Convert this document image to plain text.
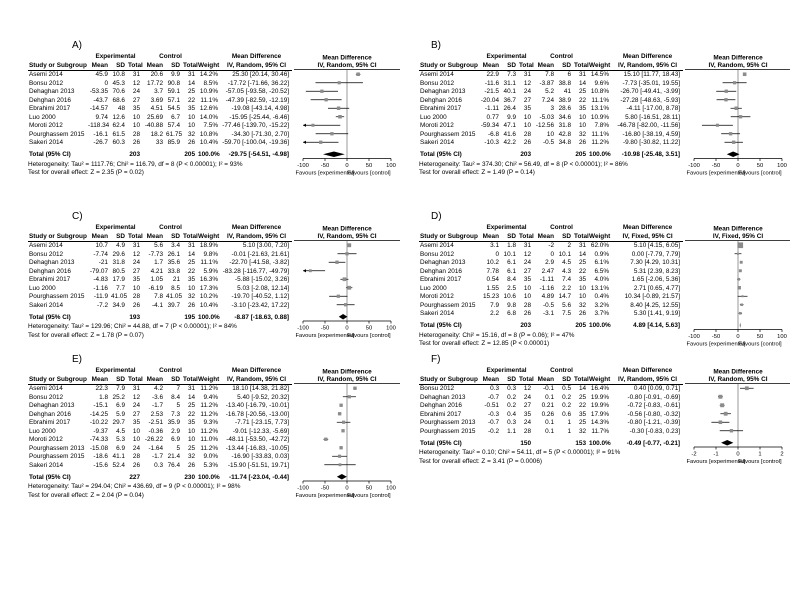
A)
	Experimental			Control				Mean Difference
Study or Subgroup	Mean	SD	Total	Mean	SD	Total	Weight	IV, Random, 95% CI
Asemi 2014	45.9	10.8	31	20.6	9.9	31	14.2%	25.30 [20.14, 30.46]
Bonsu 2012	0	45.3	12	17.72	90.8	14	8.5%	-17.72 [-71.66, 36.22]
Dehaghan 2013	-53.35	70.6	24	3.7	59.1	25	10.9%	-57.05 [-93.58, -20.52]
Dehghan 2016	-43.7	68.6	27	3.69	57.1	22	11.1%	-47.39 [-82.59, -12.19]
Ebrahimi 2017	-14.57	48	35	4.51	54.5	35	12.6%	-19.08 [-43.14, 4.98]
Luo 2000	9.74	12.6	10	25.69	6.7	10	14.0%	-15.95 [-25.44, -6.46]
Moroti 2012	-118.34	62.4	10	-40.88	57.4	10	7.5%	-77.46 [-139.70, -15.22]
Pourghassem 2015	-16.1	61.5	28	18.2	61.75	32	10.8%	-34.30 [-71.30, 2.70]
Sakeri 2014	-26.7	60.3	26	33	85.9	26	10.4%	-59.70 [-100.04, -19.36]

Total (95% CI)			203			205	100.0%	-29.75 [-54.51, -4.98]
Heterogeneity: Tau² = 1117.76; Chi² = 116.79, df = 8 (P < 0.00001); I² = 93%
Test for overall effect: Z = 2.35 (P = 0.02)
Mean Difference
IV, Random, 95% CI
-100 -50	0	50 100
Favours [experimental]
Favours [control]
B)
	Experimental			Control				Mean Difference
Study or Subgroup	Mean	SD	Total	Mean	SD	Total	Weight	IV, Random, 95% CI
Asemi 2014	22.9	7.3	31	7.8	6	31	14.5%	15.10 [11.77, 18.43]
Bonsu 2012	-11.6	31.1	12	-3.87	38.8	14	9.6%	-7.73 [-35.01, 19.55]
Dehaghan 2013	-21.5	40.1	24	5.2	41	25	10.8%	-26.70 [-49.41, -3.99]
Dehghan 2016	-20.04	36.7	27	7.24	38.9	22	11.1%	-27.28 [-48.63, -5.93]
Ebrahimi 2017	-1.11	26.4	35	3	28.6	35	13.1%	-4.11 [-17.00, 8.78]
Luo 2000	0.77	9.9	10	-5.03	34.6	10	10.9%	5.80 [-16.51, 28.11]
Moroti 2012	-59.34	47.1	10	-12.56	31.8	10	7.8%	-46.78 [-82.00, -11.56]
Pourghassem 2015	-6.8	41.6	28	10	42.8	32	11.1%	-16.80 [-38.19, 4.59]
Sakeri 2014	-10.3	42.2	26	-0.5	34.8	26	11.2%	-9.80 [-30.82, 11.22]

Total (95% CI)			203			205	100.0%	-10.98 [-25.48, 3.51]
Heterogeneity: Tau² = 374.30; Chi² = 56.49, df = 8 (P < 0.00001); I² = 86%
Test for overall effect: Z = 1.49 (P = 0.14)
Mean Difference
IV, Random, 95% CI
-100 -50	0	50 100
Favours [experimental]
Favours [control]
C)
	Experimental			Control				Mean Difference
Study or Subgroup	Mean	SD	Total	Mean	SD	Total	Weight	IV, Random, 95% CI
Asemi 2014	10.7	4.9	31	5.6	3.4	31	18.9%	5.10 [3.00, 7.20]
Bonsu 2012	-7.74	29.6	12	-7.73	26.1	14	9.8%	-0.01 [-21.63, 21.61]
Dehaghan 2013	-21	31.8	24	1.7	35.6	25	11.1%	-22.70 [-41.58, -3.82]
Dehghan 2016	-79.07	80.5	27	4.21	33.8	22	5.9%	-83.28 [-116.77, -49.79]
Ebrahimi 2017	-4.83	17.9	35	1.05	21	35	16.3%	-5.88 [-15.02, 3.26]
Luo 2000	-1.16	7.7	10	-6.19	8.5	10	17.3%	5.03 [-2.08, 12.14]
Pourghassem 2015	-11.9	41.05	28	7.8	41.05	32	10.2%	-19.70 [-40.52, 1.12]
Sakeri 2014	-7.2	34.9	26	-4.1	39.7	26	10.4%	-3.10 [-23.42, 17.22]

Total (95% CI)			193			195	100.0%	-8.87 [-18.63, 0.88]
Heterogeneity: Tau² = 129.96; Chi² = 44.88, df = 7 (P < 0.00001); I² = 84%
Test for overall effect: Z = 1.78 (P = 0.07)
Mean Difference
IV, Random, 95% CI
-100 -50	0	50 100
Favours [experimental]
Favours [control]
D)
	Experimental			Control				Mean Difference
Study or Subgroup	Mean	SD	Total	Mean	SD	Total	Weight	IV, Fixed, 95% CI
Asemi 2014	3.1	1.8	31	-2	2	31	62.0%	5.10 [4.15, 6.05]
Bonsu 2012	0	10.1	12	0	10.1	14	0.9%	0.00 [-7.79, 7.79]
Dehaghan 2013	10.2	6.1	24	2.9	4.5	25	6.1%	7.30 [4.29, 10.31]
Dehghan 2016	7.78	6.1	27	2.47	4.3	22	6.5%	5.31 [2.39, 8.23]
Ebrahimi 2017	0.54	8.4	35	-1.11	7.4	35	4.0%	1.65 [-2.06, 5.36]
Luo 2000	1.55	2.5	10	-1.16	2.2	10	13.1%	2.71 [0.65, 4.77]
Moroti 2012	15.23	10.6	10	4.89	14.7	10	0.4%	10.34 [-0.89, 21.57]
Pourghassem 2015	7.9	9.8	28	-0.5	5.6	32	3.2%	8.40 [4.25, 12.55]
Sakeri 2014	2.2	6.8	26	-3.1	7.5	26	3.7%	5.30 [1.41, 9.19]

Total (95% CI)			203			205	100.0%	4.89 [4.14, 5.63]
Heterogeneity: Chi² = 15.16, df = 8 (P = 0.06); I² = 47%
Test for overall effect: Z = 12.85 (P < 0.00001)
Mean Difference
IV, Fixed, 95% CI
-100 -50	0	50 100
Favours [experimental]
Favours [control]
E)
	Experimental			Control				Mean Difference
Study or Subgroup	Mean	SD	Total	Mean	SD	Total	Weight	IV, Random, 95% CI
Asemi 2014	22.3	7.9	31	4.2	7	31	11.2%	18.10 [14.38, 21.82]
Bonsu 2012	1.8	25.2	12	-3.6	8.4	14	9.4%	5.40 [-9.52, 20.32]
Dehaghan 2013	-15.1	6.9	24	-1.7	5	25	11.2%	-13.40 [-16.79, -10.01]
Dehghan 2016	-14.25	5.9	27	2.53	7.3	22	11.2%	-16.78 [-20.56, -13.00]
Ebrahimi 2017	-10.22	29.7	35	-2.51	35.9	35	9.3%	-7.71 [-23.15, 7.73]
Luo 2000	-9.37	4.5	10	-0.36	2.9	10	11.2%	-9.01 [-12.33, -5.69]
Moroti 2012	-74.33	5.3	10	-26.22	6.9	10	11.0%	-48.11 [-53.50, -42.72]
Pourghassem 2013	-15.08	6.9	24	-1.64	5	25	11.2%	-13.44 [-16.83, -10.05]
Pourghassem 2015	-18.6	41.1	28	-1.7	21.4	32	9.0%	-16.90 [-33.83, 0.03]
Sakeri 2014	-15.6	52.4	26	0.3	76.4	26	5.3%	-15.90 [-51.51, 19.71]

Total (95% CI)			227			230	100.0%	-11.74 [-23.04, -0.44]
Heterogeneity: Tau² = 294.04; Chi² = 436.69, df = 9 (P < 0.00001); I² = 98%
Test for overall effect: Z = 2.04 (P = 0.04)
Mean Difference
IV, Random, 95% CI
-100 -50	0	50 100
Favours [experimental]
Favours [control]
F)
	Experimental			Control				Mean Difference
Study or Subgroup	Mean	SD	Total	Mean	SD	Total	Weight	IV, Random, 95% CI
Bonsu 2012	0.3	0.3	12	-0.1	0.5	14	16.4%	0.40 [0.09, 0.71]
Dehaghan 2013	-0.7	0.2	24	0.1	0.2	25	19.9%	-0.80 [-0.91, -0.69]
Dehghan 2016	-0.51	0.2	27	0.21	0.2	22	19.9%	-0.72 [-0.83, -0.61]
Ebrahimi 2017	-0.3	0.4	35	0.26	0.6	35	17.9%	-0.56 [-0.80, -0.32]
Pourghassem 2013	-0.7	0.3	24	0.1	1	25	14.3%	-0.80 [-1.21, -0.39]
Pourghassem 2015	-0.2	1.1	28	0.1	1	32	11.7%	-0.30 [-0.83, 0.23]

Total (95% CI)			150			153	100.0%	-0.49 [-0.77, -0.21]
Heterogeneity: Tau² = 0.10; Chi² = 54.11, df = 5 (P < 0.00001); I² = 91%
Test for overall effect: Z = 3.41 (P = 0.0006)
Mean Difference
IV, Random, 95% CI
-2	-1	0	1	2
Favours [experimental]
Favours [control]
